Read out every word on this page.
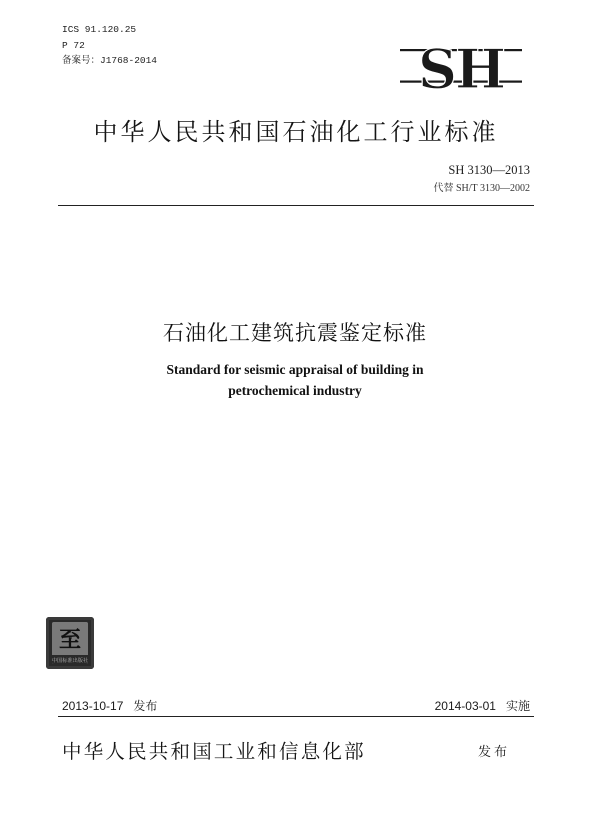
ICS 91.120.25
P 72
备案号：J1768-2014	SH
中华人民共和国石油化工行业标准
SH 3130—2013
代替 SH/T 3130—2002
石油化工建筑抗震鉴定标准
Standard for seismic appraisal of building in
petrochemical industry
至
中国标准出版社
2013-10-17 发布	2014-03-01 实施
中华人民共和国工业和信息化部	发布
